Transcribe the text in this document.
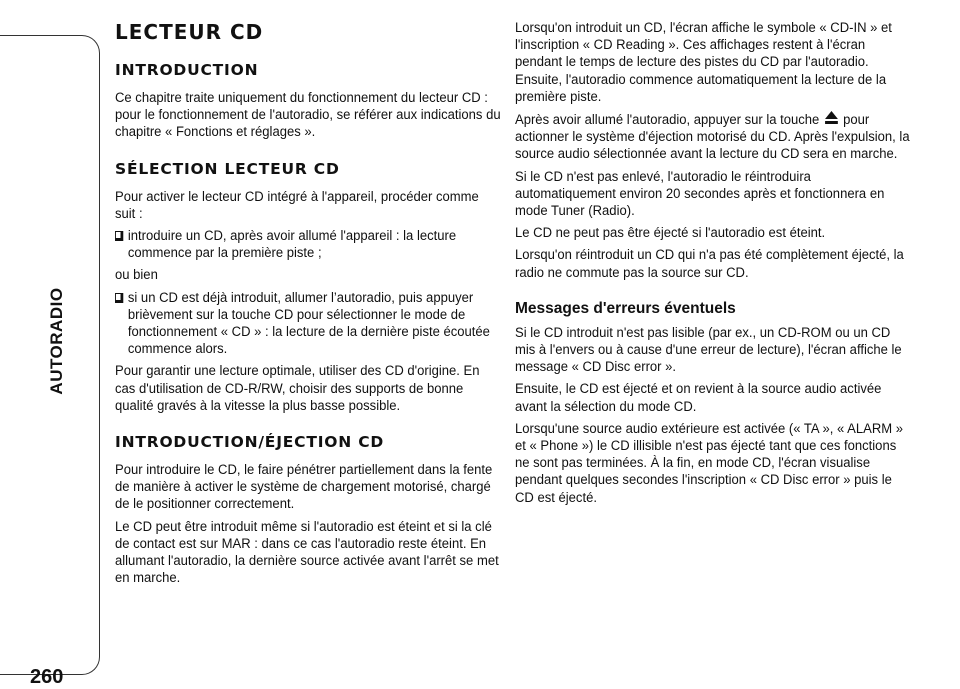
AUTORADIO
260
LECTEUR CD
INTRODUCTION
Ce chapitre traite uniquement du fonctionnement du lecteur CD : pour le fonctionnement de l'autoradio, se référer aux indications du chapitre « Fonctions et réglages ».
SÉLECTION LECTEUR CD
Pour activer le lecteur CD intégré à l'appareil, procéder comme suit :
introduire un CD, après avoir allumé l'appareil : la lecture commence par la première piste ;
ou bien
si un CD est déjà introduit, allumer l’autoradio, puis appuyer brièvement sur la touche CD pour sélectionner le mode de fonctionnement « CD » : la lecture de la dernière piste écoutée commence alors.
Pour garantir une lecture optimale, utiliser des CD d'origine. En cas d'utilisation de CD-R/RW, choisir des supports de bonne qualité gravés à la vitesse la plus basse possible.
INTRODUCTION/ÉJECTION CD
Pour introduire le CD, le faire pénétrer partiellement dans la fente de manière à activer le système de chargement motorisé, chargé de le positionner correctement.
Le CD peut être introduit même si l'autoradio est éteint et si la clé de contact est sur MAR : dans ce cas l'autoradio reste éteint. En allumant l'autoradio, la dernière source activée avant l'arrêt se met en marche.
Lorsqu'on introduit un CD, l'écran affiche le symbole « CD-IN » et l'inscription « CD Reading ». Ces affichages restent à l'écran pendant le temps de lecture des pistes du CD par l'autoradio. Ensuite, l'autoradio commence automatiquement la lecture de la première piste.
Après avoir allumé l'autoradio, appuyer sur la touche  pour actionner le système d'éjection motorisé du CD. Après l'expulsion, la source audio sélectionnée avant la lecture du CD sera en marche.
Si le CD n'est pas enlevé, l'autoradio le réintroduira automatiquement environ 20 secondes après et fonctionnera en mode Tuner (Radio).
Le CD ne peut pas être éjecté si l'autoradio est éteint.
Lorsqu'on réintroduit un CD qui n'a pas été complètement éjecté, la radio ne commute pas la source sur CD.
Messages d'erreurs éventuels
Si le CD introduit n'est pas lisible (par ex., un CD-ROM ou un CD mis à l'envers ou à cause d'une erreur de lecture), l'écran affiche le message « CD Disc error ».
Ensuite, le CD est éjecté et on revient à la source audio activée avant la sélection du mode CD.
Lorsqu'une source audio extérieure est activée (« TA », « ALARM » et « Phone ») le CD illisible n'est pas éjecté tant que ces fonctions ne sont pas terminées. À la fin, en mode CD, l'écran visualise pendant quelques secondes l'inscription « CD Disc error » puis le CD est éjecté.
